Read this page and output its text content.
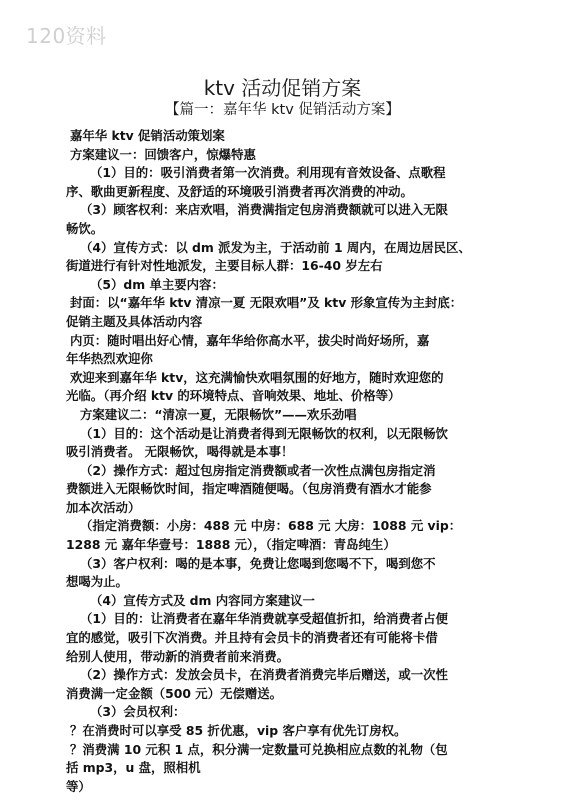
120资料
ktv 活动促销方案
【篇一：嘉年华 ktv 促销活动方案】
嘉年华 ktv 促销活动策划案
方案建议一：回馈客户，惊爆特惠
（1）目的：吸引消费者第一次消费。利用现有音效设备、点歌程
序、歌曲更新程度、及舒适的环境吸引消费者再次消费的冲动。
（3）顾客权利：来店欢唱，消费满指定包房消费额就可以进入无限
畅饮。
（4）宣传方式：以 dm 派发为主，于活动前 1 周内，在周边居民区、
街道进行有针对性地派发，主要目标人群：16-40 岁左右
（5）dm 单主要内容：
封面：以“嘉年华 ktv 清凉一夏 无限欢唱”及 ktv 形象宣传为主封底：
促销主题及具体活动内容
内页：随时唱出好心情，嘉年华给你高水平，拔尖时尚好场所，嘉
年华热烈欢迎你
欢迎来到嘉年华 ktv，这充满愉快欢唱氛围的好地方，随时欢迎您的
光临。（再介绍 ktv 的环境特点、音响效果、地址、价格等）
方案建议二：“清凉一夏，无限畅饮”——欢乐劲唱
（1）目的：这个活动是让消费者得到无限畅饮的权利，以无限畅饮
吸引消费者。 无限畅饮，喝得就是本事！
（2）操作方式：超过包房指定消费额或者一次性点满包房指定消
费额进入无限畅饮时间，指定啤酒随便喝。（包房消费有酒水才能参
加本次活动）
（指定消费额：小房：488 元 中房：688 元 大房：1088 元 vip：
1288 元 嘉年华壹号：1888 元），（指定啤酒：青岛纯生）
（3）客户权利：喝的是本事，免费让您喝到您喝不下，喝到您不
想喝为止。
（4）宣传方式及 dm 内容同方案建议一
（1）目的：让消费者在嘉年华消费就享受超值折扣，给消费者占便
宜的感觉，吸引下次消费。并且持有会员卡的消费者还有可能将卡借
给别人使用，带动新的消费者前来消费。
（2）操作方式：发放会员卡，在消费者消费完毕后赠送，或一次性
消费满一定金额（500 元）无偿赠送。
（3）会员权利：
？在消费时可以享受 85 折优惠，vip 客户享有优先订房权。
？消费满 10 元积 1 点，积分满一定数量可兑换相应点数的礼物（包
括 mp3，u 盘，照相机
等）
